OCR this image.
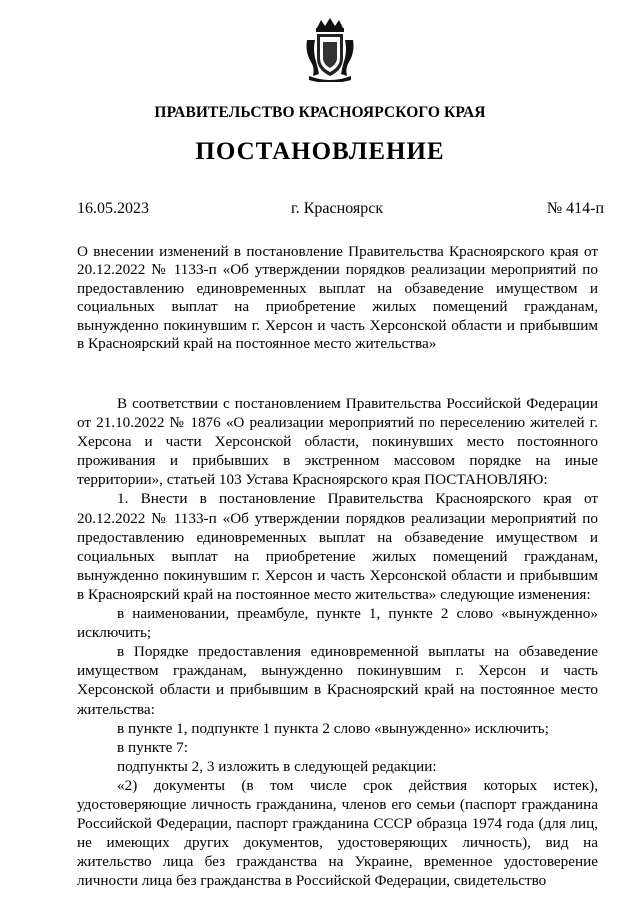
ПРАВИТЕЛЬСТВО КРАСНОЯРСКОГО КРАЯ
ПОСТАНОВЛЕНИЕ
16.05.2023	г. Красноярск	№ 414-п
О внесении изменений в постановление Правительства Красноярского края от 20.12.2022 № 1133-п «Об утверждении порядков реализации мероприятий по предоставлению единовременных выплат на обзаведение имуществом и социальных выплат на приобретение жилых помещений гражданам, вынужденно покинувшим г. Херсон и часть Херсонской области и прибывшим в Красноярский край на постоянное место жительства»

В соответствии с постановлением Правительства Российской Федерации от 21.10.2022 № 1876 «О реализации мероприятий по переселению жителей г. Херсона и части Херсонской области, покинувших место постоянного проживания и прибывших в экстренном массовом порядке на иные территории», статьей 103 Устава Красноярского края ПОСТАНОВЛЯЮ:

1. Внести в постановление Правительства Красноярского края от 20.12.2022 № 1133-п «Об утверждении порядков реализации мероприятий по предоставлению единовременных выплат на обзаведение имуществом и социальных выплат на приобретение жилых помещений гражданам, вынужденно покинувшим г. Херсон и часть Херсонской области и прибывшим в Красноярский край на постоянное место жительства» следующие изменения:

в наименовании, преамбуле, пункте 1, пункте 2 слово «вынужденно» исключить;

в Порядке предоставления единовременной выплаты на обзаведение имуществом гражданам, вынужденно покинувшим г. Херсон и часть Херсонской области и прибывшим в Красноярский край на постоянное место жительства:

в пункте 1, подпункте 1 пункта 2 слово «вынужденно» исключить;

в пункте 7:

подпункты 2, 3 изложить в следующей редакции:

«2) документы (в том числе срок действия которых истек), удостоверяющие личность гражданина, членов его семьи (паспорт гражданина Российской Федерации, паспорт гражданина СССР образца 1974 года (для лиц, не имеющих других документов, удостоверяющих личность), вид на жительство лица без гражданства на Украине, временное удостоверение личности лица без гражданства в Российской Федерации, свидетельство
